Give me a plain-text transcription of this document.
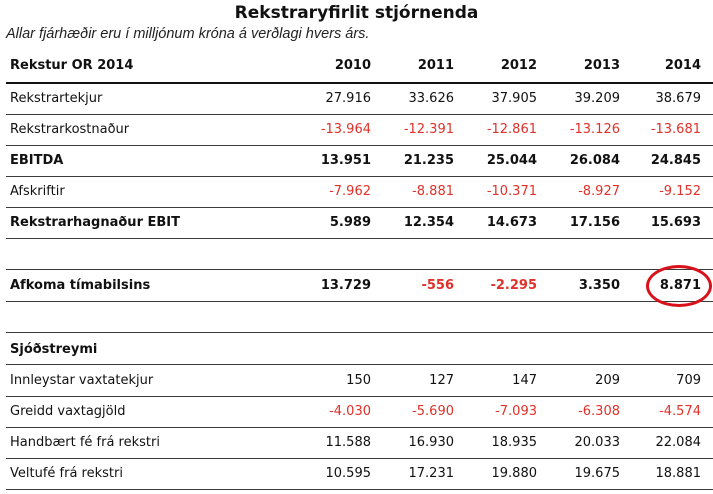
Rekstraryfirlit stjórnenda
Allar fjárhæðir eru í milljónum króna á verðlagi hvers árs.
Rekstur OR 2014	2010	2011	2012	2013	2014
Rekstrartekjur	27.916	33.626	37.905	39.209	38.679
Rekstrarkostnaður	-13.964	-12.391	-12.861	-13.126	-13.681
EBITDA	13.951	21.235	25.044	26.084	24.845
Afskriftir	-7.962	-8.881	-10.371	-8.927	-9.152
Rekstrarhagnaður EBIT	5.989	12.354	14.673	17.156	15.693
Afkoma tímabilsins	13.729	-556	-2.295	3.350	8.871
Sjóðstreymi
Innleystar vaxtatekjur	150	127	147	209	709
Greidd vaxtagjöld	-4.030	-5.690	-7.093	-6.308	-4.574
Handbært fé frá rekstri	11.588	16.930	18.935	20.033	22.084
Veltufé frá rekstri	10.595	17.231	19.880	19.675	18.881
